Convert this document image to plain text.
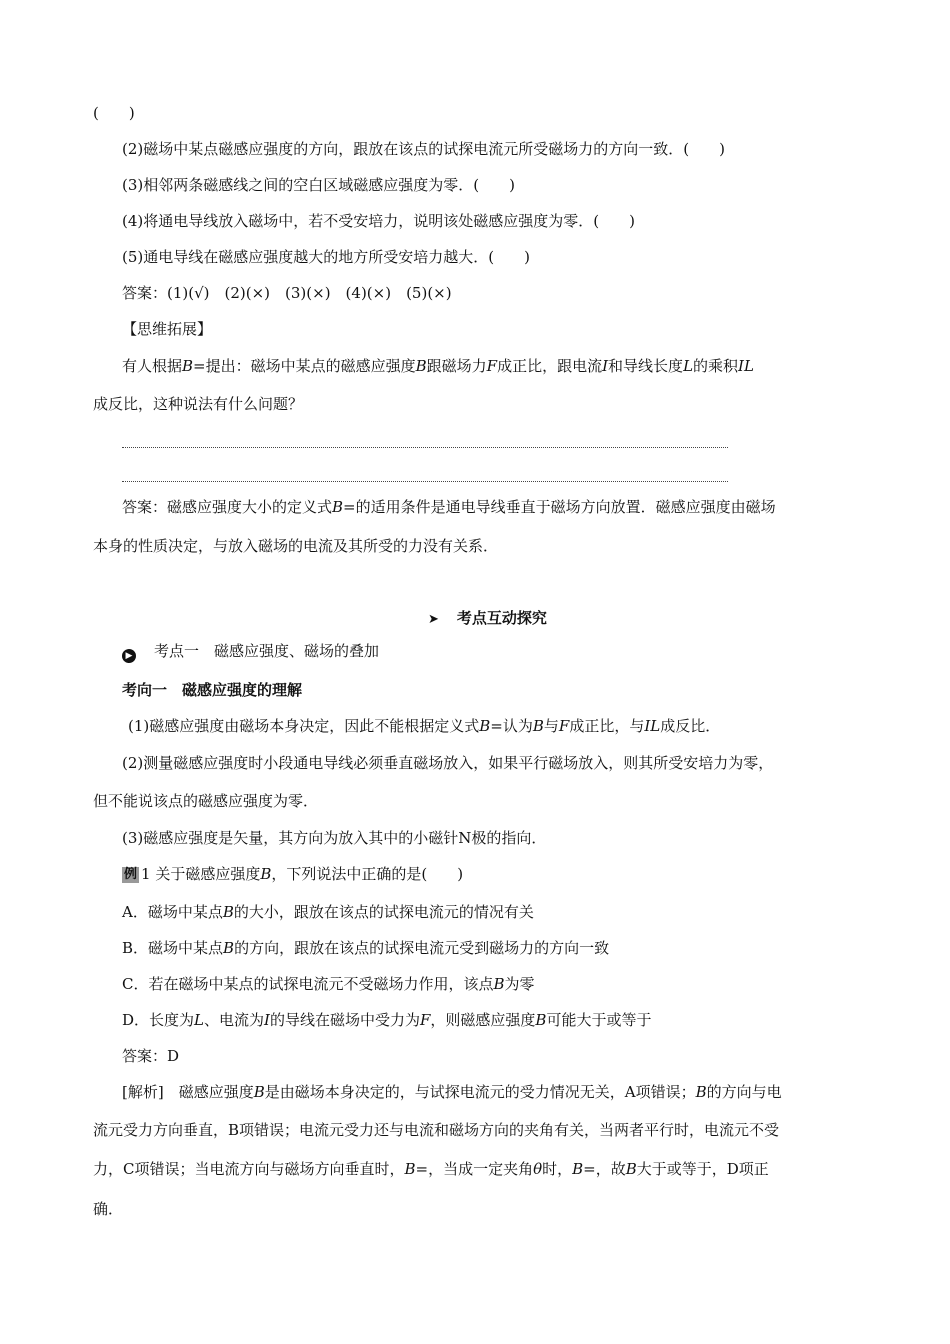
(　　)
(2)磁场中某点磁感应强度的方向，跟放在该点的试探电流元所受磁场力的方向一致．(　　)
(3)相邻两条磁感线之间的空白区域磁感应强度为零．(　　)
(4)将通电导线放入磁场中，若不受安培力，说明该处磁感应强度为零．(　　)
(5)通电导线在磁感应强度越大的地方所受安培力越大．(　　)
答案：(1)(√)　(2)(×)　(3)(×)　(4)(×)　(5)(×)
【思维拓展】
有人根据B=提出：磁场中某点的磁感应强度B跟磁场力F成正比，跟电流I和导线长度L的乘积IL
成反比，这种说法有什么问题？
答案：磁感应强度大小的定义式B=的适用条件是通电导线垂直于磁场方向放置．磁感应强度由磁场
本身的性质决定，与放入磁场的电流及其所受的力没有关系．
➤ 考点互动探究
▶ 考点一　磁感应强度、磁场的叠加
考向一　磁感应强度的理解
(1)磁感应强度由磁场本身决定，因此不能根据定义式B=认为B与F成正比，与IL成反比．
(2)测量磁感应强度时小段通电导线必须垂直磁场放入，如果平行磁场放入，则其所受安培力为零，
但不能说该点的磁感应强度为零．
(3)磁感应强度是矢量，其方向为放入其中的小磁针N极的指向．
例 1 关于磁感应强度B，下列说法中正确的是(　　)
A．磁场中某点B的大小，跟放在该点的试探电流元的情况有关
B．磁场中某点B的方向，跟放在该点的试探电流元受到磁场力的方向一致
C．若在磁场中某点的试探电流元不受磁场力作用，该点B为零
D．长度为L、电流为I的导线在磁场中受力为F，则磁感应强度B可能大于或等于
答案：D
[解析]　磁感应强度B是由磁场本身决定的，与试探电流元的受力情况无关，A项错误；B的方向与电
流元受力方向垂直，B项错误；电流元受力还与电流和磁场方向的夹角有关，当两者平行时，电流元不受
力，C项错误；当电流方向与磁场方向垂直时，B=，当成一定夹角θ时，B=，故B大于或等于，D项正
确．
